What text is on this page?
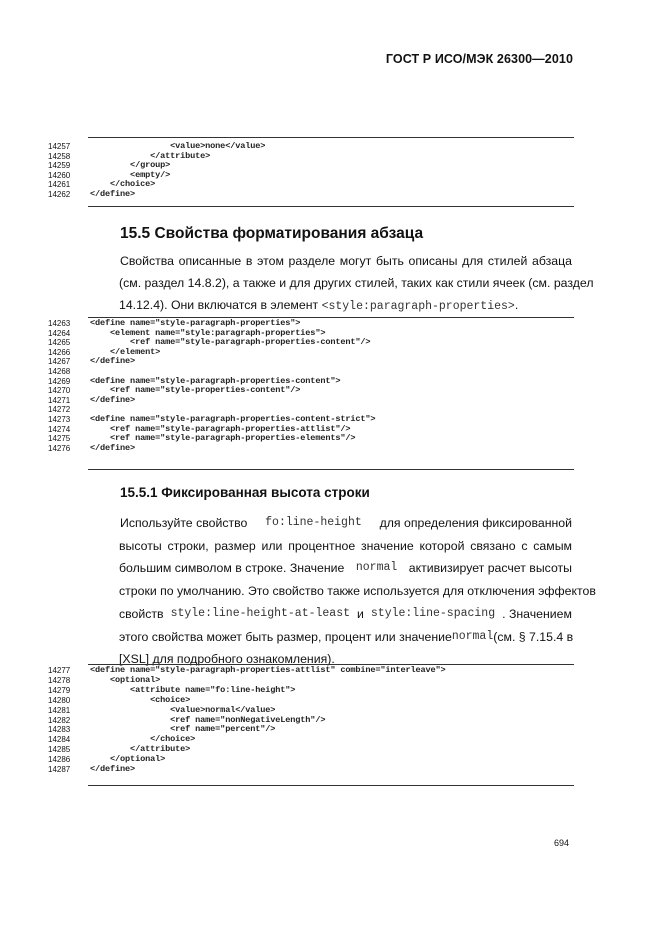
ГОСТ Р ИСО/МЭК 26300—2010
14257	<value>none</value>
14258	</attribute>
14259	</group>
14260	<empty/>
14261	</choice>
14262	</define>
15.5 Свойства форматирования абзаца
Свойства описанные в этом разделе могут быть описаны для стилей абзаца
(см. раздел 14.8.2), а также и для других стилей, таких как стили ячеек (см. раздел
14.12.4). Они включатся в элемент <style:paragraph-properties>.
14263	<define name="style-paragraph-properties">
14264	<element name="style:paragraph-properties">
14265	<ref name="style-paragraph-properties-content"/>
14266	</element>
14267	</define>
14268
14269	<define name="style-paragraph-properties-content">
14270	<ref name="style-properties-content"/>
14271	</define>
14272
14273	<define name="style-paragraph-properties-content-strict">
14274	<ref name="style-paragraph-properties-attlist"/>
14275	<ref name="style-paragraph-properties-elements"/>
14276	</define>
15.5.1 Фиксированная высота строки
Используйте свойство fo:line-height для определения фиксированной
высоты строки, размер или процентное значение которой связано с самым
большим символом в строке. Значение normal активизирует расчет высоты
строки по умолчанию. Это свойство также используется для отключения эффектов
свойств style:line-height-at-least и style:line-spacing . Значением
этого свойства может быть размер, процент или значение normal (см. § 7.15.4 в
[XSL] для подробного ознакомления).
14277	<define name="style-paragraph-properties-attlist" combine="interleave">
14278	<optional>
14279	<attribute name="fo:line-height">
14280	<choice>
14281	<value>normal</value>
14282	<ref name="nonNegativeLength"/>
14283	<ref name="percent"/>
14284	</choice>
14285	</attribute>
14286	</optional>
14287	</define>
694
